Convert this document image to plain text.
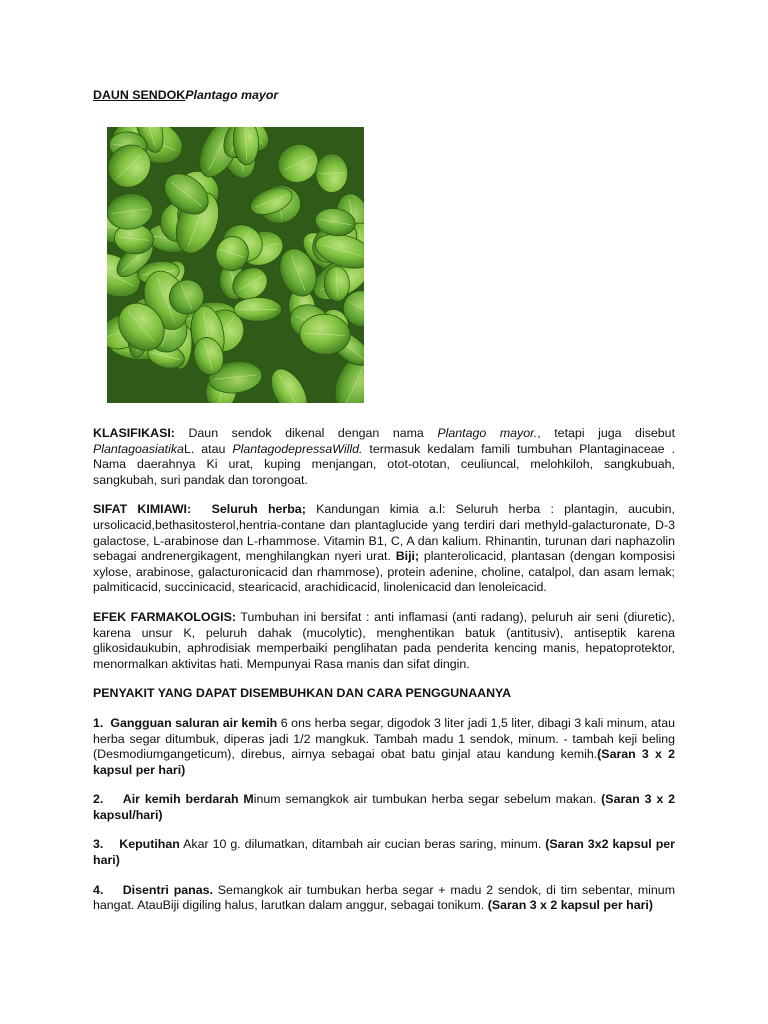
DAUN SENDOKPlantago mayor

KLASIFIKASI: Daun sendok dikenal dengan nama Plantago mayor., tetapi juga disebut PlantagoasiatikaL. atau PlantagodepressaWilld. termasuk kedalam famili tumbuhan Plantaginaceae . Nama daerahnya Ki urat, kuping menjangan, otot-ototan, ceuliuncal, melohkiloh, sangkubuah, sangkubah, suri pandak dan torongoat.

SIFAT KIMIAWI: Seluruh herba; Kandungan kimia a.l: Seluruh herba : plantagin, aucubin, ursolicacid,bethasitosterol,hentria-contane dan plantaglucide yang terdiri dari methyld-galacturonate, D-3 galactose, L-arabinose dan L-rhammose. Vitamin B1, C, A dan kalium. Rhinantin, turunan dari naphazolin sebagai andrenergikagent, menghilangkan nyeri urat. Biji; planterolicacid, plantasan (dengan komposisi xylose, arabinose, galacturonicacid dan rhammose), protein adenine, choline, catalpol, dan asam lemak; palmiticacid, succinicacid, stearicacid, arachidicacid, linolenicacid dan lenoleicacid.

EFEK FARMAKOLOGIS: Tumbuhan ini bersifat : anti inflamasi (anti radang), peluruh air seni (diuretic), karena unsur K, peluruh dahak (mucolytic), menghentikan batuk (antitusiv), antiseptik karena glikosidaukubin, aphrodisiak memperbaiki penglihatan pada penderita kencing manis, hepatoprotektor, menormalkan aktivitas hati. Mempunyai Rasa manis dan sifat dingin.

PENYAKIT YANG DAPAT DISEMBUHKAN DAN CARA PENGGUNAANYA

1. Gangguan saluran air kemih 6 ons herba segar, digodok 3 liter jadi 1,5 liter, dibagi 3 kali minum, atau herba segar ditumbuk, diperas jadi 1/2 mangkuk. Tambah madu 1 sendok, minum. - tambah keji beling (Desmodiumgangeticum), direbus, airnya sebagai obat batu ginjal atau kandung kemih.(Saran 3 x 2 kapsul per hari)

2. Air kemih berdarah Minum semangkok air tumbukan herba segar sebelum makan. (Saran 3 x 2 kapsul/hari)

3. Keputihan Akar 10 g. dilumatkan, ditambah air cucian beras saring, minum. (Saran 3x2 kapsul per hari)

4. Disentri panas. Semangkok air tumbukan herba segar + madu 2 sendok, di tim sebentar, minum hangat. AtauBiji digiling halus, larutkan dalam anggur, sebagai tonikum. (Saran 3 x 2 kapsul per hari)
